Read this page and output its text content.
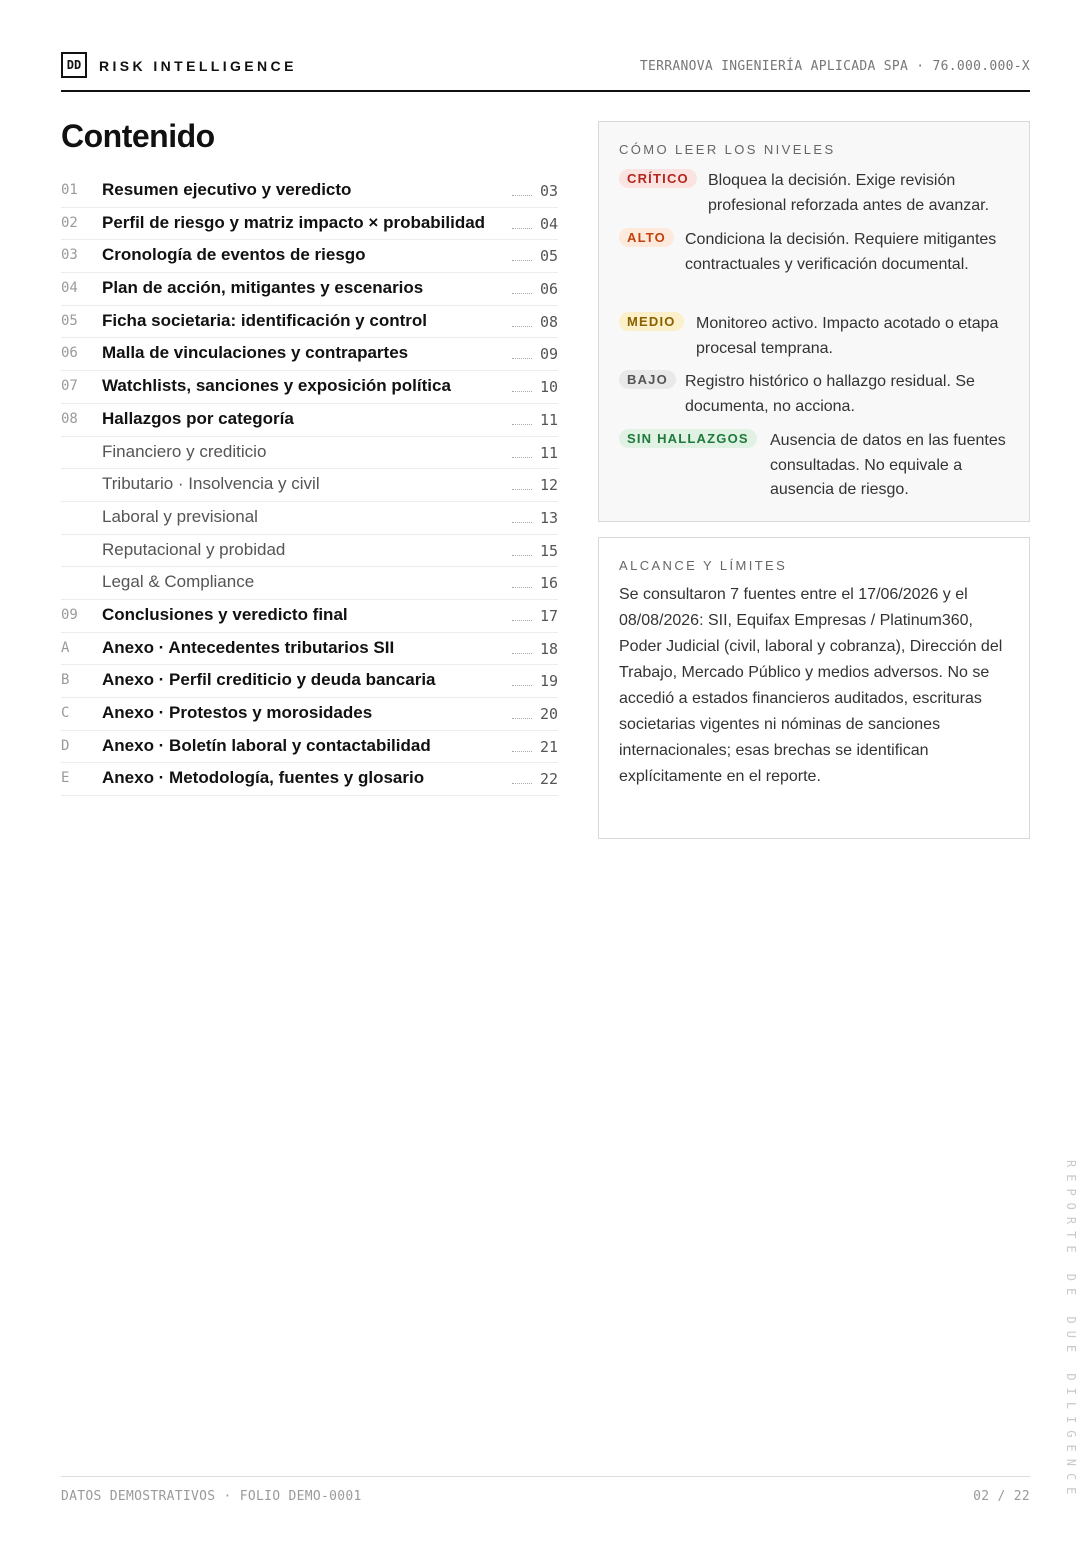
DD	RISK INTELLIGENCE	TERRANOVA INGENIERÍA APLICADA SPA · 76.000.000-X
Contenido
01 Resumen ejecutivo y veredicto	03
02 Perfil de riesgo y matriz impacto × probabilidad	04
03 Cronología de eventos de riesgo	05
04 Plan de acción, mitigantes y escenarios	06
05 Ficha societaria: identificación y control	08
06 Malla de vinculaciones y contrapartes	09
07 Watchlists, sanciones y exposición política	10
08 Hallazgos por categoría	11
Financiero y crediticio	11
Tributario · Insolvencia y civil	12
Laboral y previsional	13
Reputacional y probidad	15
Legal & Compliance	16
09 Conclusiones y veredicto final	17
A Anexo · Antecedentes tributarios SII	18
B Anexo · Perfil crediticio y deuda bancaria	19
C Anexo · Protestos y morosidades	20
D Anexo · Boletín laboral y contactabilidad	21
E Anexo · Metodología, fuentes y glosario	22
CÓMO LEER LOS NIVELES
CRÍTICO	Bloquea la decisión. Exige revisión profesional reforzada antes de avanzar.
ALTO	Condiciona la decisión. Requiere mitigantes contractuales y verificación documental.
MEDIO	Monitoreo activo. Impacto acotado o etapa procesal temprana.
BAJO	Registro histórico o hallazgo residual. Se documenta, no acciona.
SIN HALLAZGOS	Ausencia de datos en las fuentes consultadas. No equivale a ausencia de riesgo.
ALCANCE Y LÍMITES
Se consultaron 7 fuentes entre el 17/06/2026 y el 08/08/2026: SII, Equifax Empresas / Platinum360, Poder Judicial (civil, laboral y cobranza), Dirección del Trabajo, Mercado Público y medios adversos. No se accedió a estados financieros auditados, escrituras societarias vigentes ni nóminas de sanciones internacionales; esas brechas se identifican explícitamente en el reporte.
REPORTE DE DUE DILIGENCE
DATOS DEMOSTRATIVOS · FOLIO DEMO-0001	02 / 22
